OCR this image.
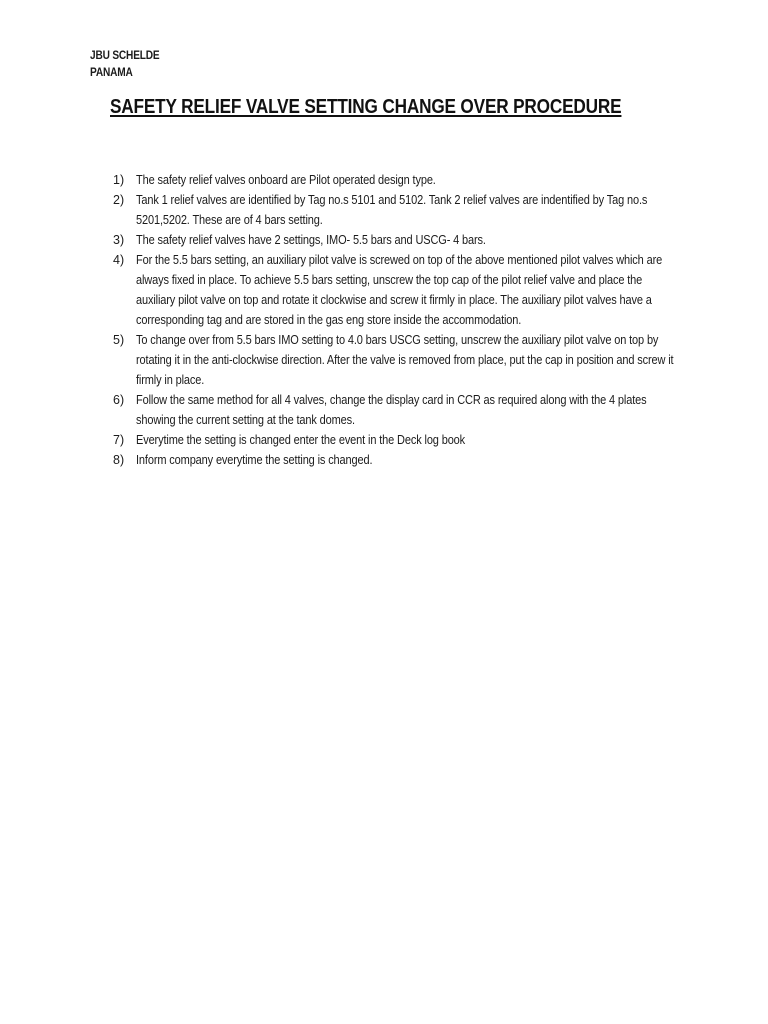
JBU SCHELDE
PANAMA
SAFETY RELIEF VALVE SETTING CHANGE OVER PROCEDURE
1) The safety relief valves onboard are Pilot operated design type.
2) Tank 1 relief valves are identified by Tag no.s 5101 and 5102. Tank 2 relief valves are indentified by Tag no.s 5201,5202. These are of 4 bars setting.
3) The safety relief valves have 2 settings, IMO- 5.5 bars and USCG- 4 bars.
4) For the 5.5 bars setting, an auxiliary pilot valve is screwed on top of the above mentioned pilot valves which are always fixed in place. To achieve 5.5 bars setting, unscrew the top cap of the pilot relief valve and place the auxiliary pilot valve on top and rotate it clockwise and screw it firmly in place. The auxiliary pilot valves have a corresponding tag and are stored in the gas eng store inside the accommodation.
5) To change over from 5.5 bars IMO setting to 4.0 bars USCG setting, unscrew the auxiliary pilot valve on top by rotating it in the anti-clockwise direction. After the valve is removed from place, put the cap in position and screw it firmly in place.
6) Follow the same method for all 4 valves, change the display card in CCR as required along with the 4 plates showing the current setting at the tank domes.
7) Everytime the setting is changed enter the event in the Deck log book
8) Inform company everytime the setting is changed.
